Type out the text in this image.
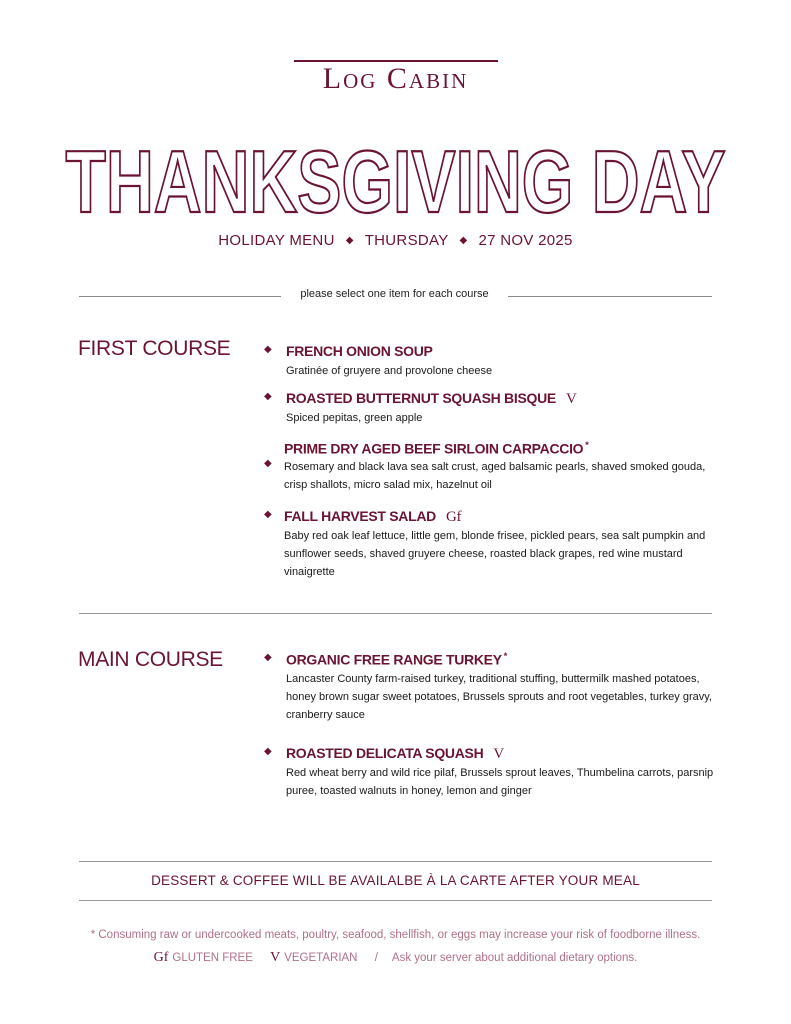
Log Cabin
THANKSGIVING DAY
HOLIDAY MENU ◆ THURSDAY ◆ 27 NOV 2025
please select one item for each course
FIRST COURSE	◆ FRENCH ONION SOUP
Gratinée of gruyere and provolone cheese
◆ ROASTED BUTTERNUT SQUASH BISQUE V
Spiced pepitas, green apple
◆
PRIME DRY AGED BEEF SIRLOIN CARPACCIO *
Rosemary and black lava sea salt crust, aged balsamic pearls, shaved smoked gouda, crisp shallots, micro salad mix, hazelnut oil
◆ FALL HARVEST SALAD Gf
Baby red oak leaf lettuce, little gem, blonde frisee, pickled pears, sea salt pumpkin and sunflower seeds, shaved gruyere cheese, roasted black grapes, red wine mustard vinaigrette
MAIN COURSE	◆ ORGANIC FREE RANGE TURKEY *
Lancaster County farm-raised turkey, traditional stuffing, buttermilk mashed potatoes, honey brown sugar sweet potatoes, Brussels sprouts and root vegetables, turkey gravy, cranberry sauce
◆ ROASTED DELICATA SQUASH V
Red wheat berry and wild rice pilaf, Brussels sprout leaves, Thumbelina carrots, parsnip puree, toasted walnuts in honey, lemon and ginger
DESSERT & COFFEE WILL BE AVAILALBE À LA CARTE AFTER YOUR MEAL
* Consuming raw or undercooked meats, poultry, seafood, shellfish, or eggs may increase your risk of foodborne illness.
Gf GLUTEN FREE V VEGETARIAN / Ask your server about additional dietary options.
